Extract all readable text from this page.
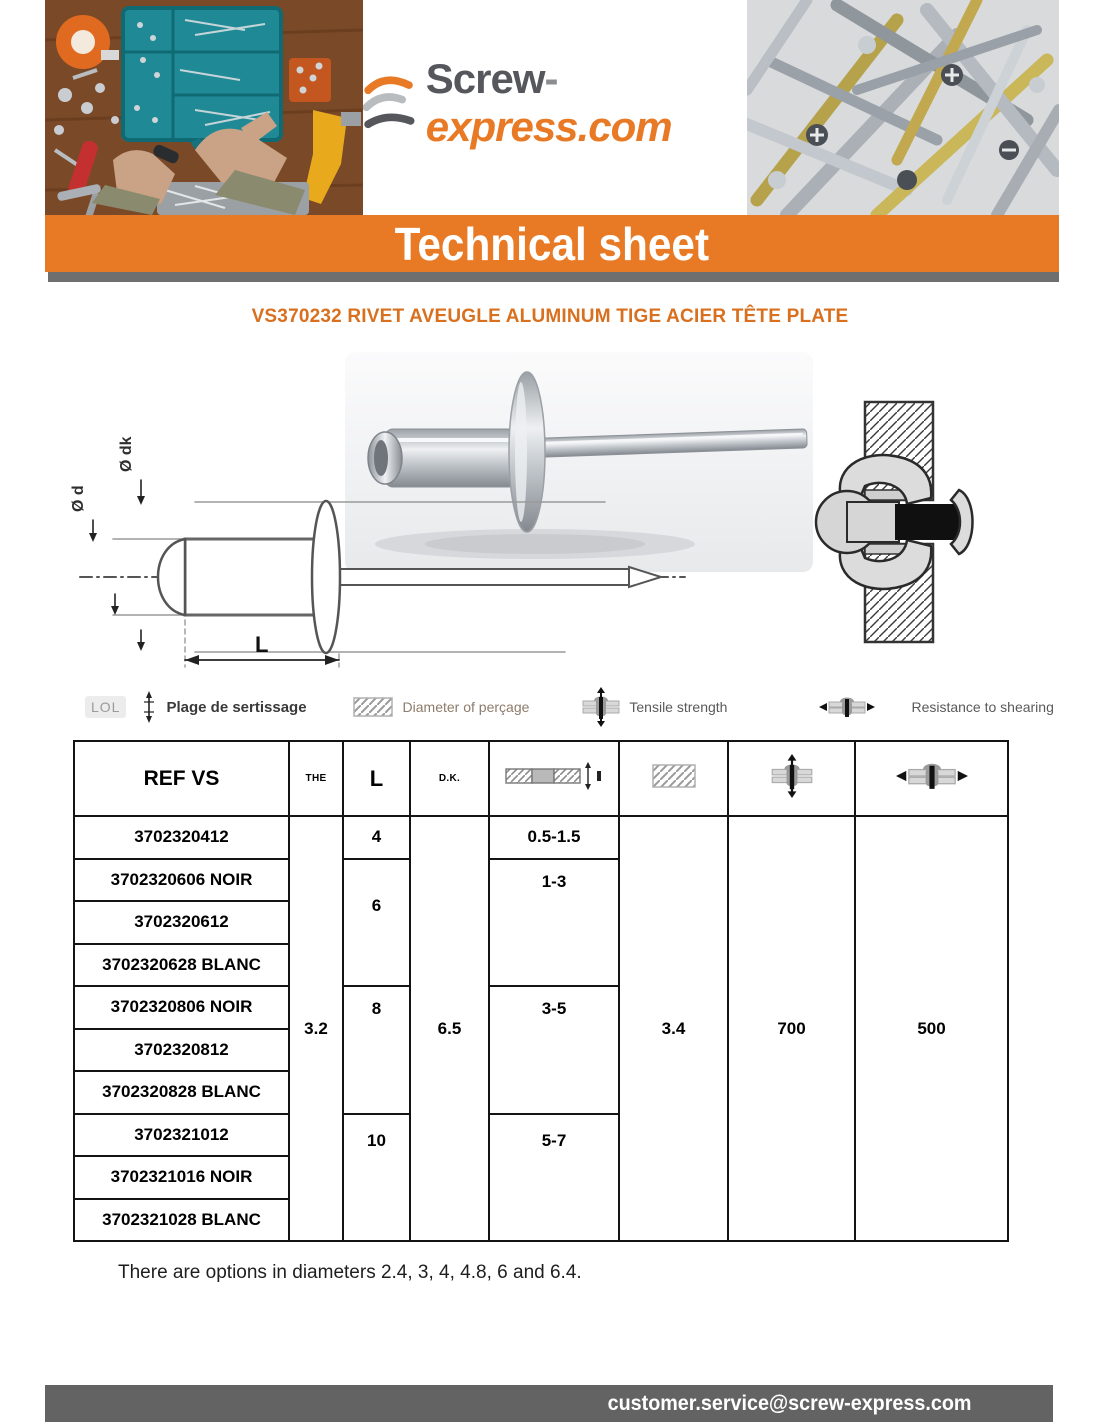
Screw-express.com
Technical sheet
VS370232 RIVET AVEUGLE ALUMINUM TIGE ACIER TÊTE PLATE
Ø d
Ø dk
L
LOL	Plage de sertissage	Diameter of perçage	Tensile strength	Resistance to shearing
REF VS	THE	L	D.K.				
3702320412	3.2	4	6.5	0.5-1.5	3.4	700	500
3702320606 NOIR		6		1-3			
3702320612							
3702320628 BLANC							
3702320806 NOIR		8		3-5			
3702320812							
3702320828 BLANC							
3702321012		10		5-7			
3702321016 NOIR							
3702321028 BLANC							
There are options in diameters 2.4, 3, 4, 4.8, 6 and 6.4.
customer.service@screw-express.com
